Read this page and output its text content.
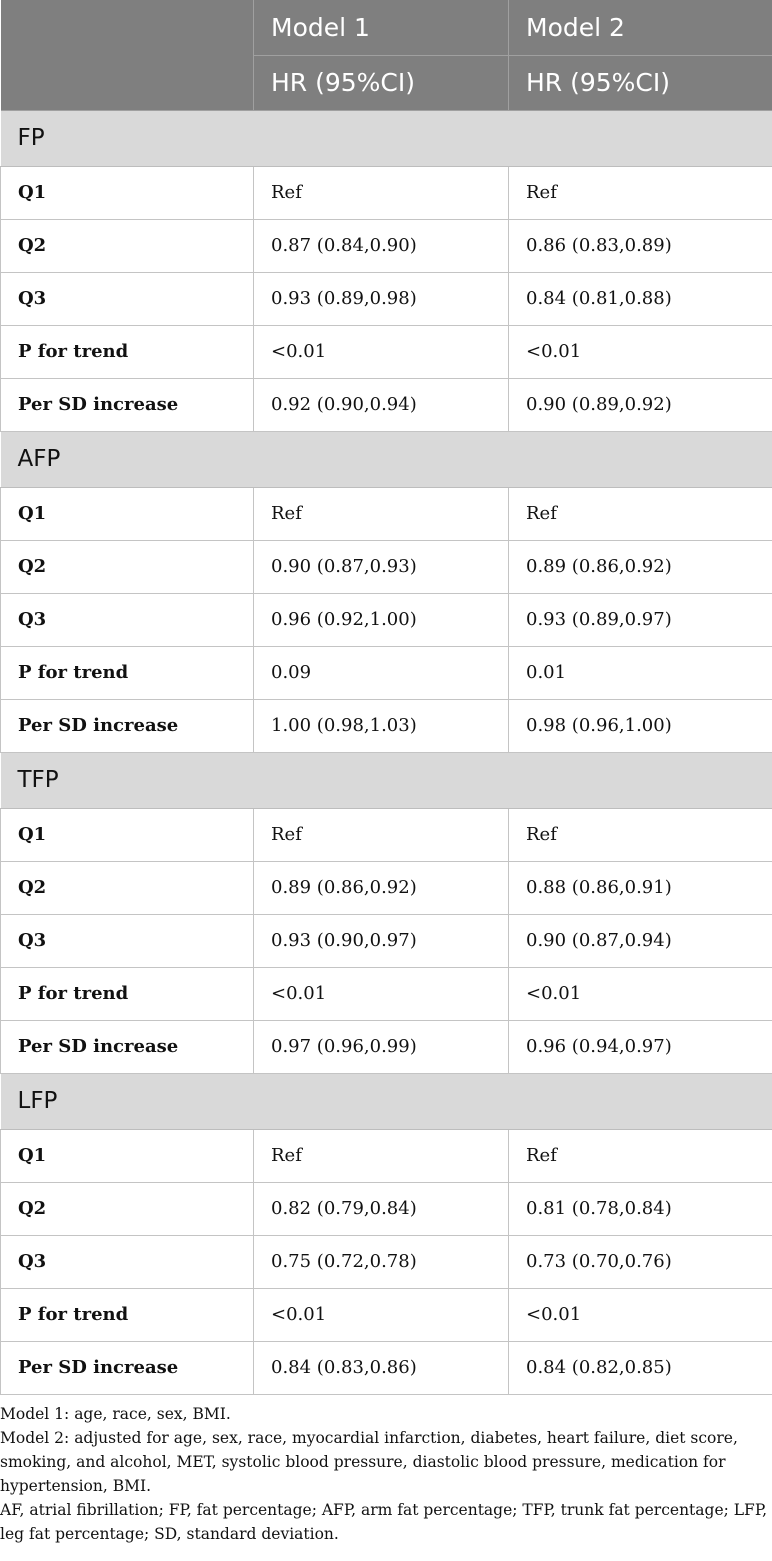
	Model 1	Model 2
	HR (95%CI)	HR (95%CI)
FP		
Q1	Ref	Ref
Q2	0.87 (0.84,0.90)	0.86 (0.83,0.89)
Q3	0.93 (0.89,0.98)	0.84 (0.81,0.88)
P for trend	<0.01	<0.01
Per SD increase	0.92 (0.90,0.94)	0.90 (0.89,0.92)
AFP		
Q1	Ref	Ref
Q2	0.90 (0.87,0.93)	0.89 (0.86,0.92)
Q3	0.96 (0.92,1.00)	0.93 (0.89,0.97)
P for trend	0.09	0.01
Per SD increase	1.00 (0.98,1.03)	0.98 (0.96,1.00)
TFP		
Q1	Ref	Ref
Q2	0.89 (0.86,0.92)	0.88 (0.86,0.91)
Q3	0.93 (0.90,0.97)	0.90 (0.87,0.94)
P for trend	<0.01	<0.01
Per SD increase	0.97 (0.96,0.99)	0.96 (0.94,0.97)
LFP		
Q1	Ref	Ref
Q2	0.82 (0.79,0.84)	0.81 (0.78,0.84)
Q3	0.75 (0.72,0.78)	0.73 (0.70,0.76)
P for trend	<0.01	<0.01
Per SD increase	0.84 (0.83,0.86)	0.84 (0.82,0.85)

Model 1: age, race, sex, BMI.

Model 2: adjusted for age, sex, race, myocardial infarction, diabetes, heart failure, diet score, smoking, and alcohol, MET, systolic blood pressure, diastolic blood pressure, medication for hypertension, BMI.

AF, atrial fibrillation; FP, fat percentage; AFP, arm fat percentage; TFP, trunk fat percentage; LFP, leg fat percentage; SD, standard deviation.
